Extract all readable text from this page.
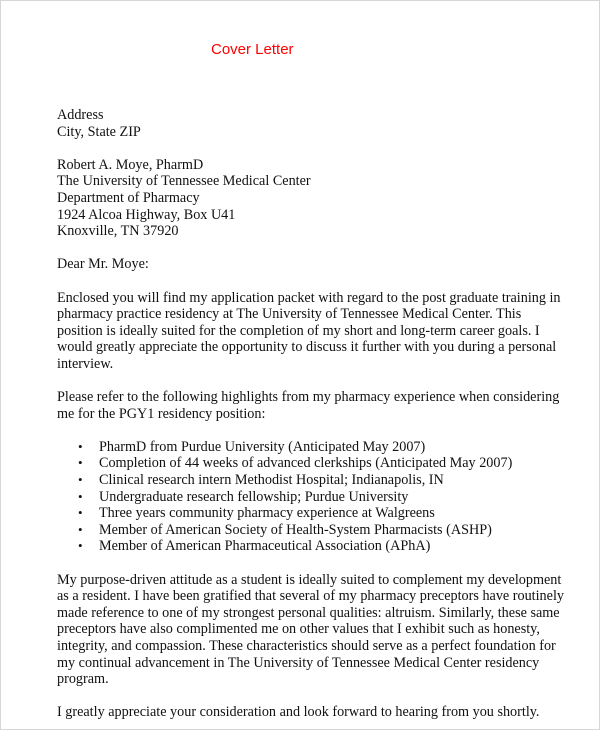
Cover Letter
Address
City, State ZIP
Robert A. Moye, PharmD
The University of Tennessee Medical Center
Department of Pharmacy
1924 Alcoa Highway, Box U41
Knoxville, TN 37920
Dear Mr. Moye:
Enclosed you will find my application packet with regard to the post graduate training in
pharmacy practice residency at The University of Tennessee Medical Center. This
position is ideally suited for the completion of my short and long-term career goals. I
would greatly appreciate the opportunity to discuss it further with you during a personal
interview.
Please refer to the following highlights from my pharmacy experience when considering
me for the PGY1 residency position:
• PharmD from Purdue University (Anticipated May 2007)
• Completion of 44 weeks of advanced clerkships (Anticipated May 2007)
• Clinical research intern Methodist Hospital; Indianapolis, IN
• Undergraduate research fellowship; Purdue University
• Three years community pharmacy experience at Walgreens
• Member of American Society of Health-System Pharmacists (ASHP)
• Member of American Pharmaceutical Association (APhA)
My purpose-driven attitude as a student is ideally suited to complement my development
as a resident. I have been gratified that several of my pharmacy preceptors have routinely
made reference to one of my strongest personal qualities: altruism. Similarly, these same
preceptors have also complimented me on other values that I exhibit such as honesty,
integrity, and compassion. These characteristics should serve as a perfect foundation for
my continual advancement in The University of Tennessee Medical Center residency
program.
I greatly appreciate your consideration and look forward to hearing from you shortly.
